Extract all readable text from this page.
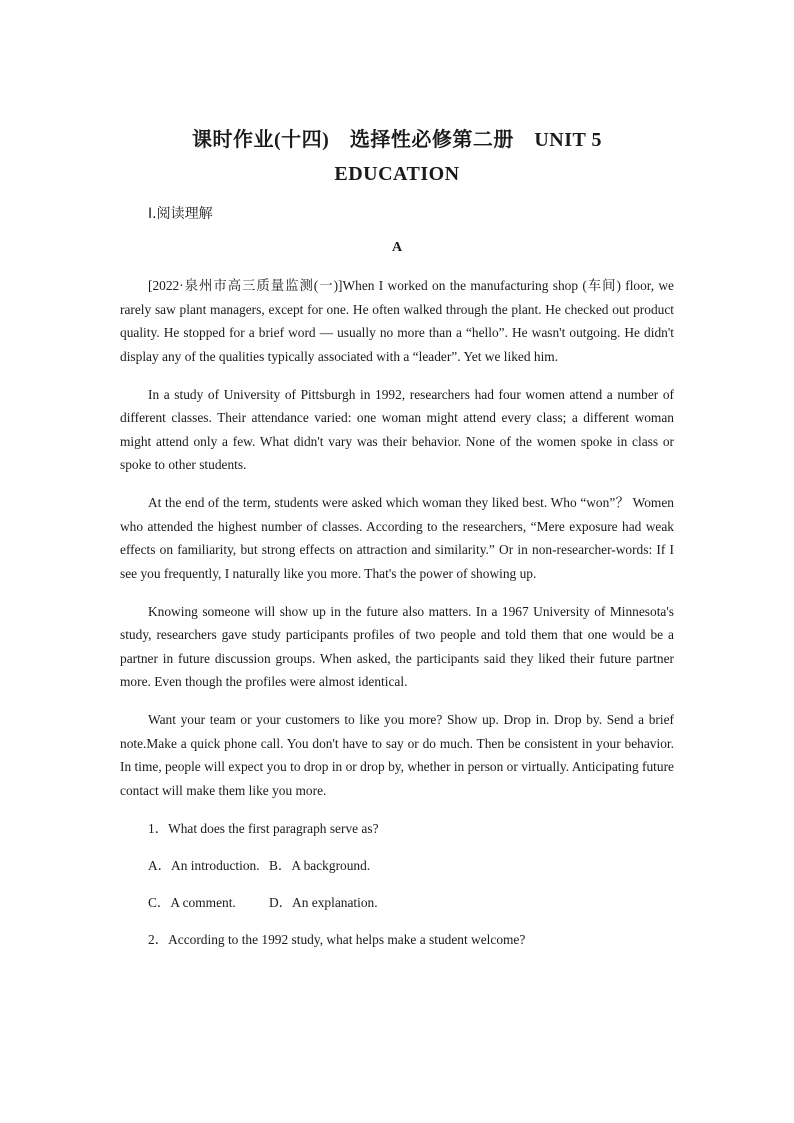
课时作业(十四)　选择性必修第二册　UNIT 5
EDUCATION
Ⅰ.阅读理解
A

[2022·泉州市高三质量监测(一)]When I worked on the manufacturing shop (车间) floor, we rarely saw plant managers, except for one. He often walked through the plant. He checked out product quality. He stopped for a brief word — usually no more than a “hello”. He wasn't outgoing. He didn't display any of the qualities typically associated with a “leader”. Yet we liked him.

In a study of University of Pittsburgh in 1992, researchers had four women attend a number of different classes. Their attendance varied: one woman might attend every class; a different woman might attend only a few. What didn't vary was their behavior. None of the women spoke in class or spoke to other students.

At the end of the term, students were asked which woman they liked best. Who “won”？ Women who attended the highest number of classes. According to the researchers, “Mere exposure had weak effects on familiarity, but strong effects on attraction and similarity.” Or in non-researcher-words: If I see you frequently, I naturally like you more. That's the power of showing up.

Knowing someone will show up in the future also matters. In a 1967 University of Minnesota's study, researchers gave study participants profiles of two people and told them that one would be a partner in future discussion groups. When asked, the participants said they liked their future partner more. Even though the profiles were almost identical.

Want your team or your customers to like you more? Show up. Drop in. Drop by. Send a brief note.Make a quick phone call. You don't have to say or do much. Then be consistent in your behavior. In time, people will expect you to drop in or drop by, whether in person or virtually. Anticipating future contact will make them like you more.

1．What does the first paragraph serve as?
A．An introduction. B．A background.
C．A comment. D．An explanation.
2．According to the 1992 study, what helps make a student welcome?
